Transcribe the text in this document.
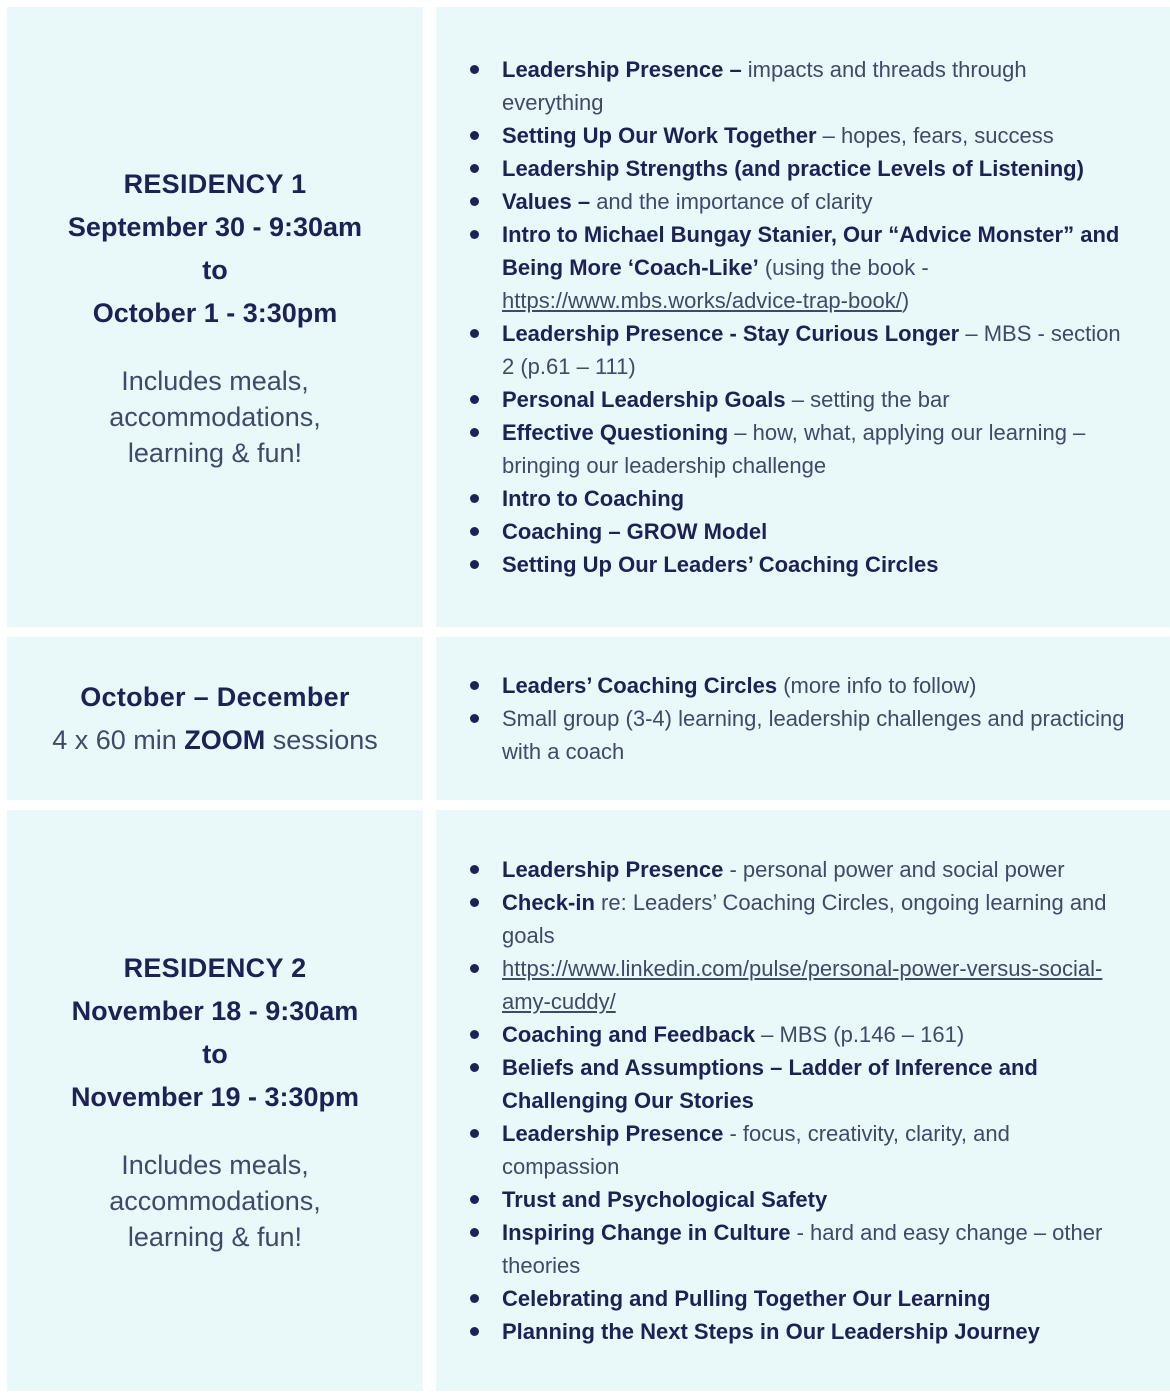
RESIDENCY 1
September 30 - 9:30am
to
October 1 - 3:30pm
Includes meals,
accommodations,
learning & fun!
Leadership Presence – impacts and threads through everything
Setting Up Our Work Together – hopes, fears, success
Leadership Strengths (and practice Levels of Listening)
Values – and the importance of clarity
Intro to Michael Bungay Stanier, Our “Advice Monster” and Being More ‘Coach-Like’ (using the book - https://www.mbs.works/advice-trap-book/)
Leadership Presence - Stay Curious Longer – MBS - section 2 (p.61 – 111)
Personal Leadership Goals – setting the bar
Effective Questioning – how, what, applying our learning – bringing our leadership challenge
Intro to Coaching
Coaching – GROW Model
Setting Up Our Leaders’ Coaching Circles
October – December
4 x 60 min ZOOM sessions
Leaders’ Coaching Circles (more info to follow)
Small group (3-4) learning, leadership challenges and practicing with a coach
RESIDENCY 2
November 18 - 9:30am
to
November 19 - 3:30pm
Includes meals,
accommodations,
learning & fun!
Leadership Presence - personal power and social power
Check-in re: Leaders’ Coaching Circles, ongoing learning and goals
https://www.linkedin.com/pulse/personal-power-versus-social-amy-cuddy/
Coaching and Feedback – MBS (p.146 – 161)
Beliefs and Assumptions – Ladder of Inference and Challenging Our Stories
Leadership Presence - focus, creativity, clarity, and compassion
Trust and Psychological Safety
Inspiring Change in Culture - hard and easy change – other theories
Celebrating and Pulling Together Our Learning
Planning the Next Steps in Our Leadership Journey
